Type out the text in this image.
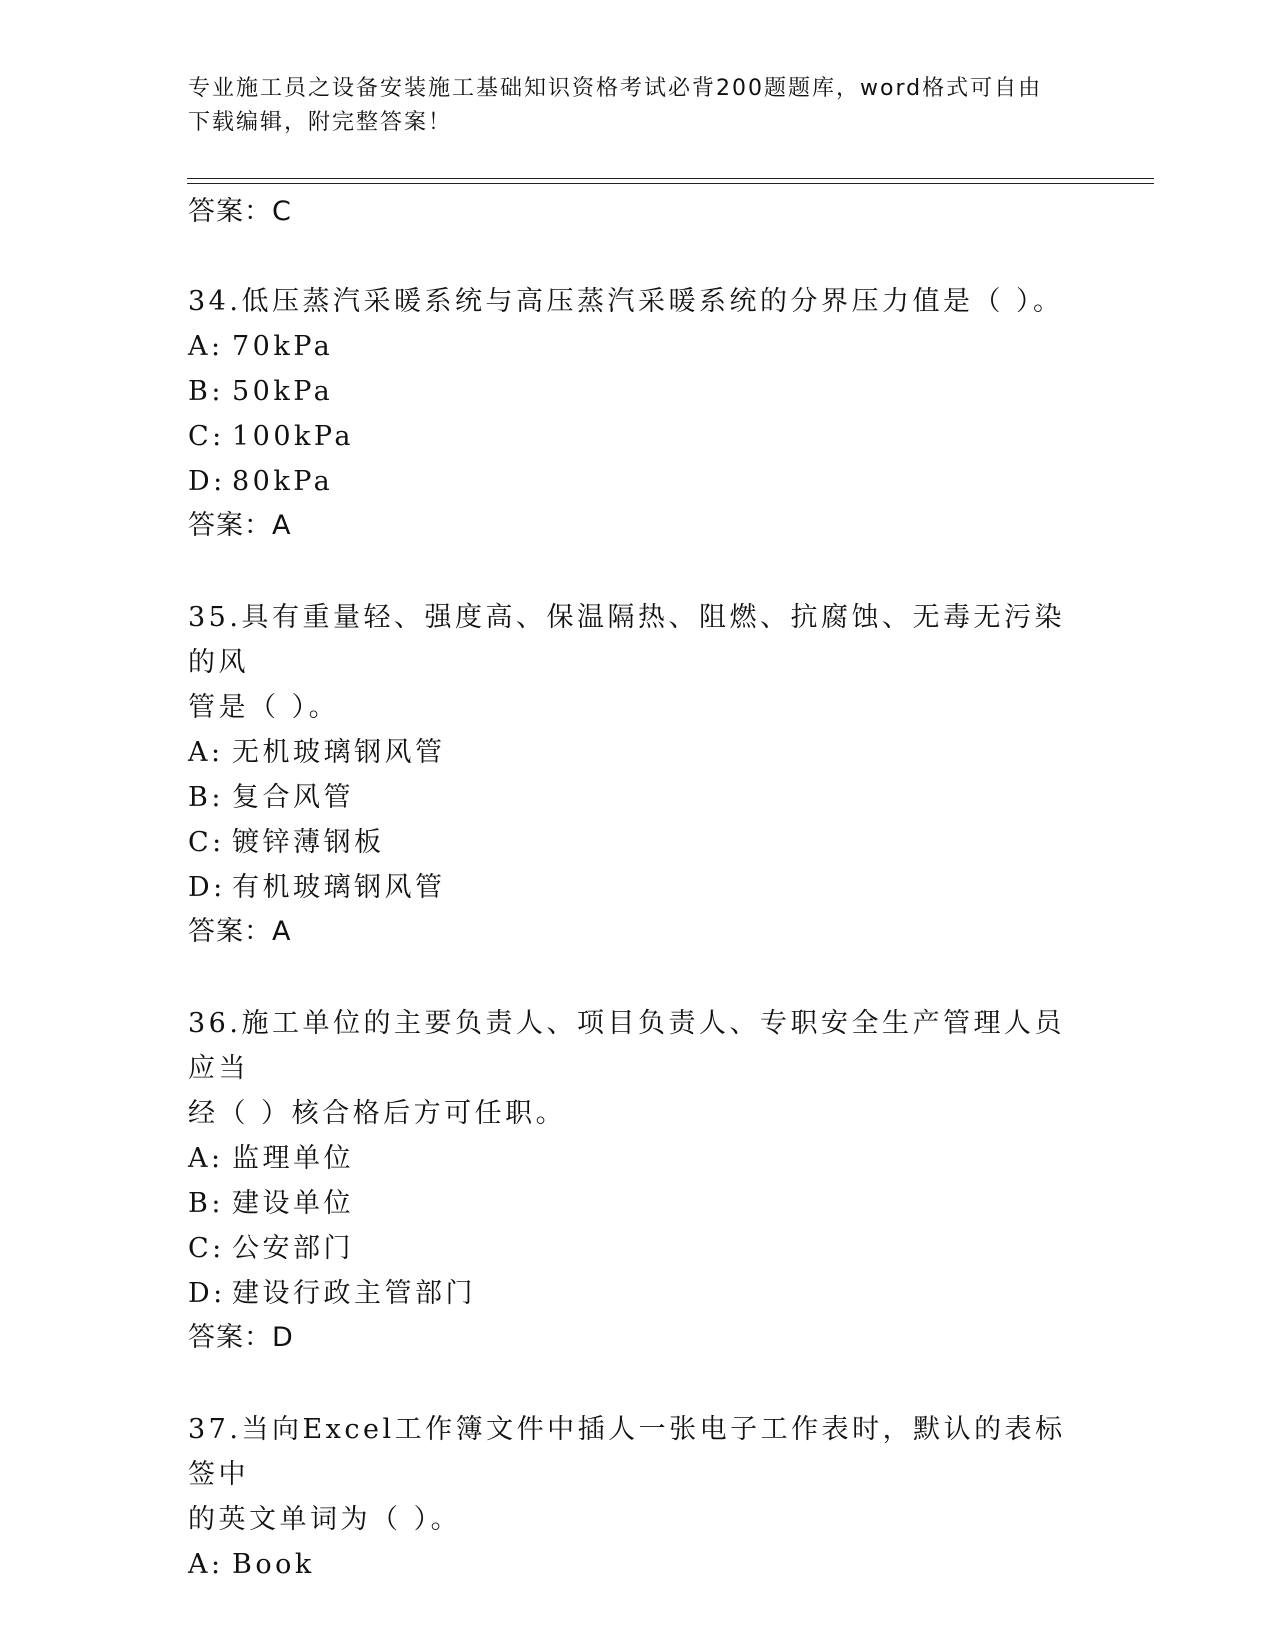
专业施工员之设备安装施工基础知识资格考试必背200题题库，word格式可自由
下载编辑，附完整答案！
答案：C
34.低压蒸汽采暖系统与高压蒸汽采暖系统的分界压力值是（ ）。
A: 70kPa
B: 50kPa
C: 100kPa
D: 80kPa
答案：A
35.具有重量轻、强度高、保温隔热、阻燃、抗腐蚀、无毒无污染的风
管是（ ）。
A: 无机玻璃钢风管
B: 复合风管
C: 镀锌薄钢板
D: 有机玻璃钢风管
答案：A
36.施工单位的主要负责人、项目负责人、专职安全生产管理人员应当
经（ ）核合格后方可任职。
A: 监理单位
B: 建设单位
C: 公安部门
D: 建设行政主管部门
答案：D
37.当向Excel工作簿文件中插人一张电子工作表时，默认的表标签中
的英文单词为（ ）。
A: Book
